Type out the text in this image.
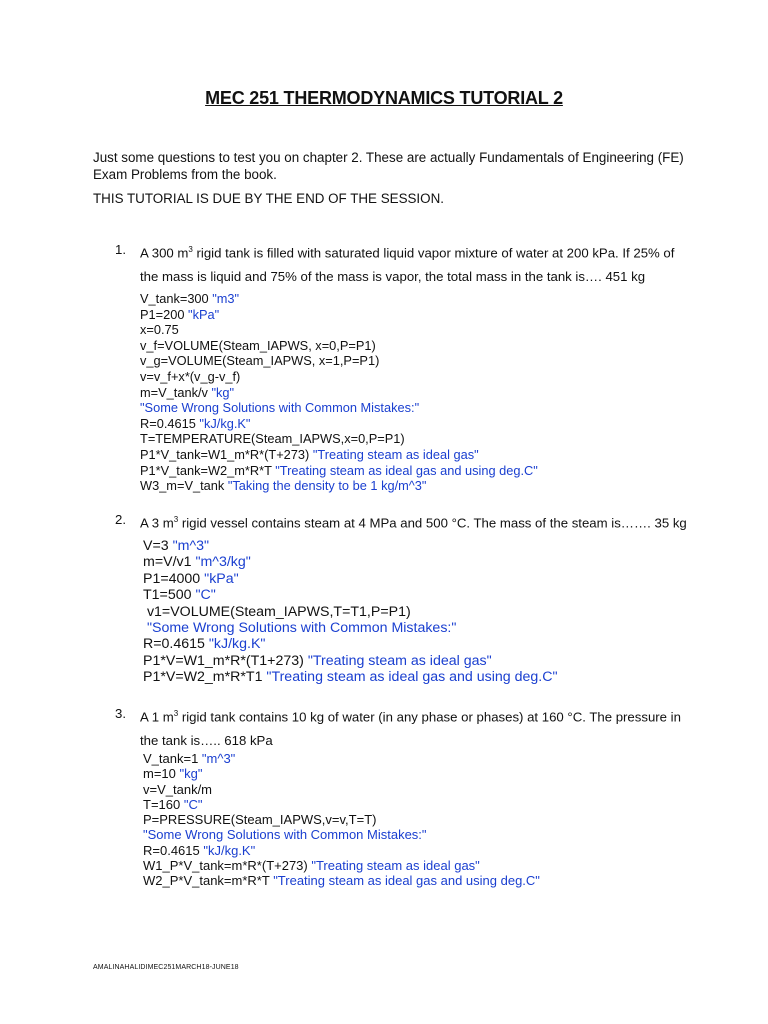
MEC 251 THERMODYNAMICS TUTORIAL 2
Just some questions to test you on chapter 2. These are actually Fundamentals of Engineering (FE) Exam Problems from the book.
THIS TUTORIAL IS DUE BY THE END OF THE SESSION.
1. A 300 $m^3$ rigid tank is filled with saturated liquid vapor mixture of water at 200 kPa. If 25% of the mass is liquid and 75% of the mass is vapor, the total mass in the tank is…. 451 kg
V_tank=300 "m3"
P1=200 "kPa"
x=0.75
v_f=VOLUME(Steam_IAPWS, x=0,P=P1)
v_g=VOLUME(Steam_IAPWS, x=1,P=P1)
v=v_f+x*(v_g-v_f)
m=V_tank/v "kg"
"Some Wrong Solutions with Common Mistakes:"
R=0.4615 "kJ/kg.K"
T=TEMPERATURE(Steam_IAPWS,x=0,P=P1)
P1*V_tank=W1_m*R*(T+273) "Treating steam as ideal gas"
P1*V_tank=W2_m*R*T "Treating steam as ideal gas and using deg.C"
W3_m=V_tank "Taking the density to be 1 kg/m^3"
2. A 3 $m^3$ rigid vessel contains steam at 4 MPa and 500 °C. The mass of the steam is……. 35 kg
V=3 "m^3"
m=V/v1 "m^3/kg"
P1=4000 "kPa"
T1=500 "C"
v1=VOLUME(Steam_IAPWS,T=T1,P=P1)
"Some Wrong Solutions with Common Mistakes:"
R=0.4615 "kJ/kg.K"
P1*V=W1_m*R*(T1+273) "Treating steam as ideal gas"
P1*V=W2_m*R*T1 "Treating steam as ideal gas and using deg.C"
3. A 1 $m^3$ rigid tank contains 10 kg of water (in any phase or phases) at 160 °C. The pressure in the tank is….. 618 kPa
V_tank=1 "m^3"
m=10 "kg"
v=V_tank/m
T=160 "C"
P=PRESSURE(Steam_IAPWS,v=v,T=T)
"Some Wrong Solutions with Common Mistakes:"
R=0.4615 "kJ/kg.K"
W1_P*V_tank=m*R*(T+273) "Treating steam as ideal gas"
W2_P*V_tank=m*R*T "Treating steam as ideal gas and using deg.C"
AMALINAHALIDIMEC251MARCH18-JUNE18
